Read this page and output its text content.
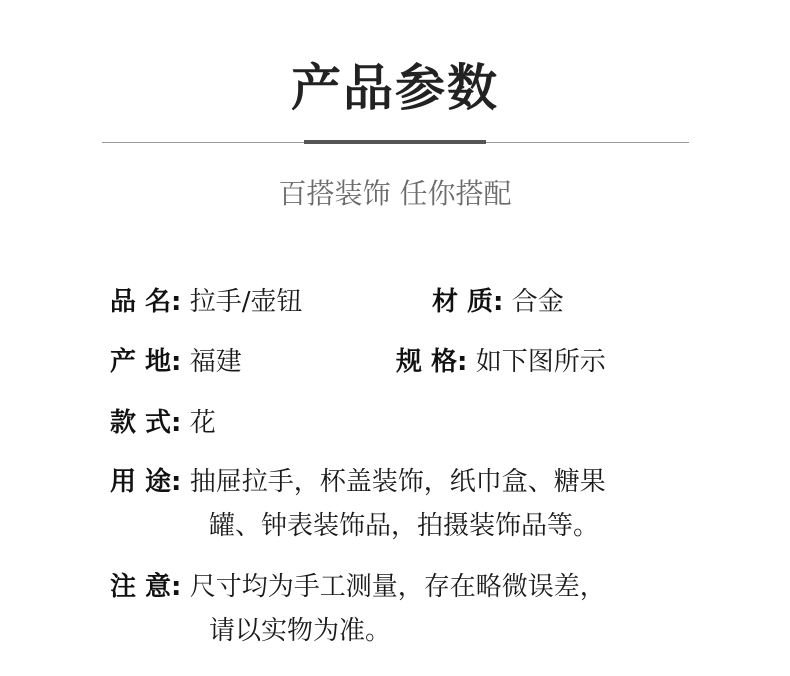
产品参数
百搭装饰 任你搭配
品 名: 拉手/壶钮	材 质: 合金
产 地: 福建	规 格: 如下图所示
款 式: 花
用 途: 抽屉拉手，杯盖装饰，纸巾盒、糖果
罐、钟表装饰品，拍摄装饰品等。
注 意: 尺寸均为手工测量，存在略微误差，
请以实物为准。
